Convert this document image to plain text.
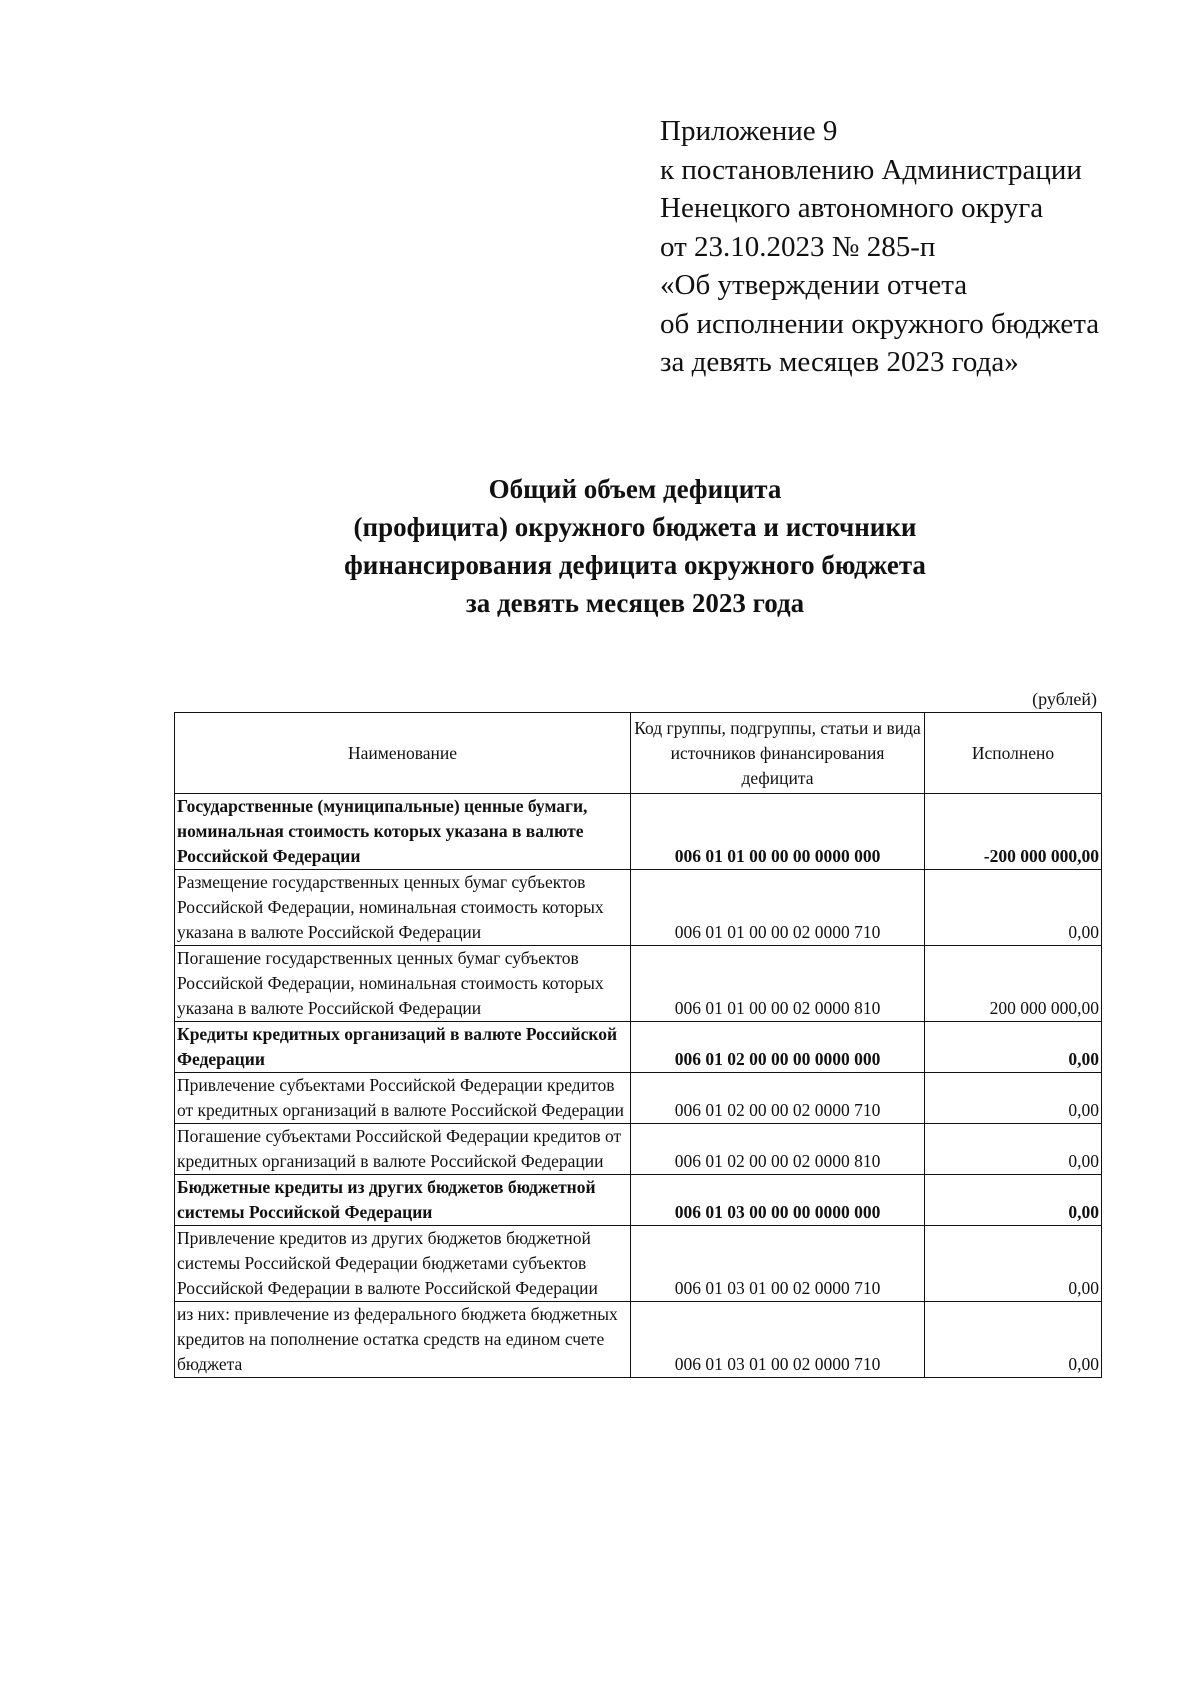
Приложение 9
к постановлению Администрации
Ненецкого автономного округа
от 23.10.2023 № 285-п
«Об утверждении отчета
об исполнении окружного бюджета
за девять месяцев 2023 года»
Общий объем дефицита
(профицита) окружного бюджета и источники
финансирования дефицита окружного бюджета
за девять месяцев 2023 года
(рублей)
Наименование	Код группы, подгруппы, статьи и вида источников финансирования дефицита	Исполнено
Государственные (муниципальные) ценные бумаги, номинальная стоимость которых указана в валюте Российской Федерации	006 01 01 00 00 00 0000 000	-200 000 000,00
Размещение государственных ценных бумаг субъектов Российской Федерации, номинальная стоимость которых указана в валюте Российской Федерации	006 01 01 00 00 02 0000 710	0,00
Погашение государственных ценных бумаг субъектов Российской Федерации, номинальная стоимость которых указана в валюте Российской Федерации	006 01 01 00 00 02 0000 810	200 000 000,00
Кредиты кредитных организаций в валюте Российской Федерации	006 01 02 00 00 00 0000 000	0,00
Привлечение субъектами Российской Федерации кредитов от кредитных организаций в валюте Российской Федерации	006 01 02 00 00 02 0000 710	0,00
Погашение субъектами Российской Федерации кредитов от кредитных организаций в валюте Российской Федерации	006 01 02 00 00 02 0000 810	0,00
Бюджетные кредиты из других бюджетов бюджетной системы Российской Федерации	006 01 03 00 00 00 0000 000	0,00
Привлечение кредитов из других бюджетов бюджетной системы Российской Федерации бюджетами субъектов Российской Федерации в валюте Российской Федерации	006 01 03 01 00 02 0000 710	0,00
из них: привлечение из федерального бюджета бюджетных кредитов на пополнение остатка средств на едином счете бюджета	006 01 03 01 00 02 0000 710	0,00
